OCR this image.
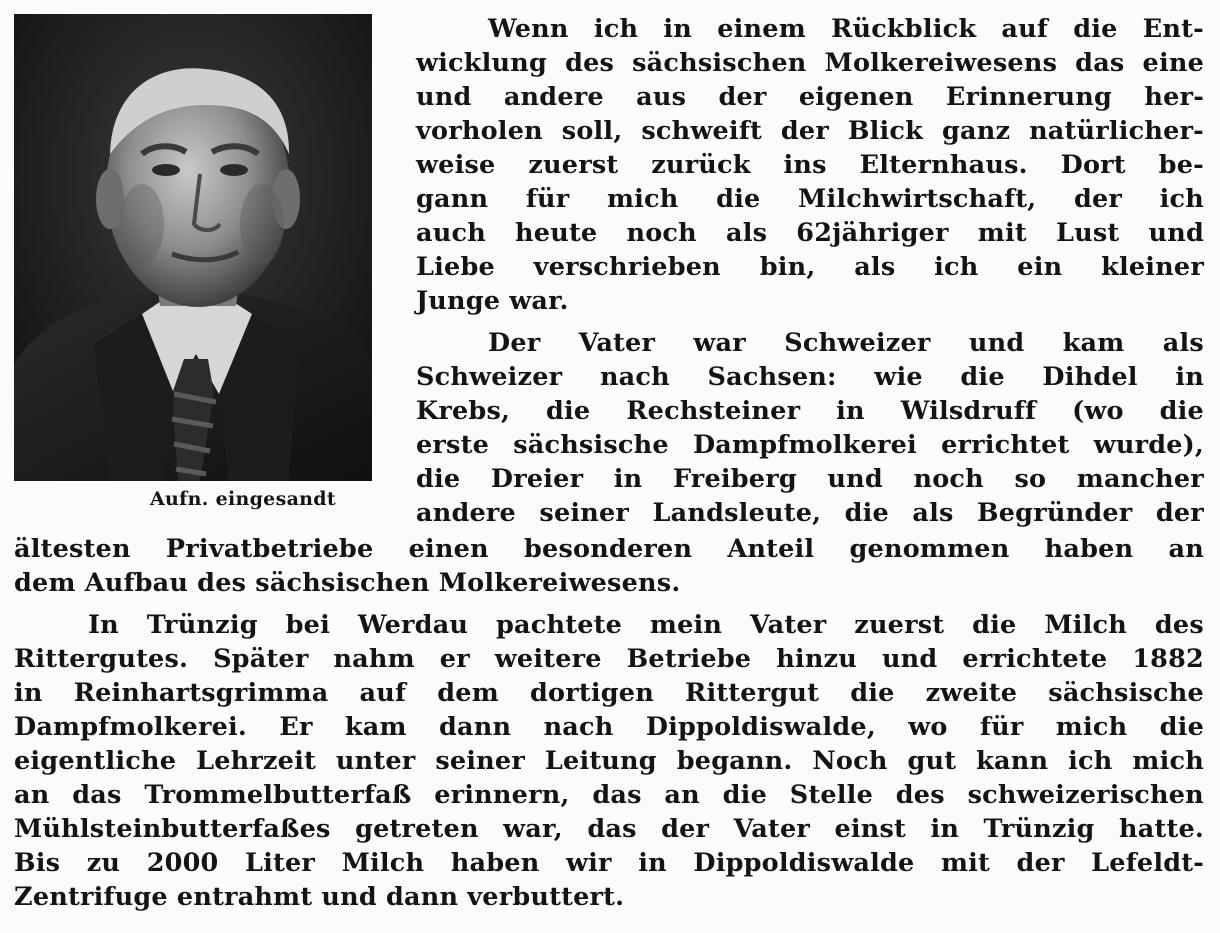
Aufn. eingesandt
Wenn ich in einem Rückblick auf die Ent-
wicklung des sächsischen Molkereiwesens das eine
und andere aus der eigenen Erinnerung her-
vorholen soll, schweift der Blick ganz natürlicher-
weise zuerst zurück ins Elternhaus. Dort be-
gann für mich die Milchwirtschaft, der ich
auch heute noch als 62jähriger mit Lust und
Liebe verschrieben bin, als ich ein kleiner
Junge war.
Der Vater war Schweizer und kam als
Schweizer nach Sachsen: wie die Dihdel in
Krebs, die Rechsteiner in Wilsdruff (wo die
erste sächsische Dampfmolkerei errichtet wurde),
die Dreier in Freiberg und noch so mancher
andere seiner Landsleute, die als Begründer der
ältesten Privatbetriebe einen besonderen Anteil genommen haben an
dem Aufbau des sächsischen Molkereiwesens.
In Trünzig bei Werdau pachtete mein Vater zuerst die Milch des
Rittergutes. Später nahm er weitere Betriebe hinzu und errichtete 1882
in Reinhartsgrimma auf dem dortigen Rittergut die zweite sächsische
Dampfmolkerei. Er kam dann nach Dippoldiswalde, wo für mich die
eigentliche Lehrzeit unter seiner Leitung begann. Noch gut kann ich mich
an das Trommelbutterfaß erinnern, das an die Stelle des schweizerischen
Mühlsteinbutterfaßes getreten war, das der Vater einst in Trünzig hatte.
Bis zu 2000 Liter Milch haben wir in Dippoldiswalde mit der Lefeldt-
Zentrifuge entrahmt und dann verbuttert.
